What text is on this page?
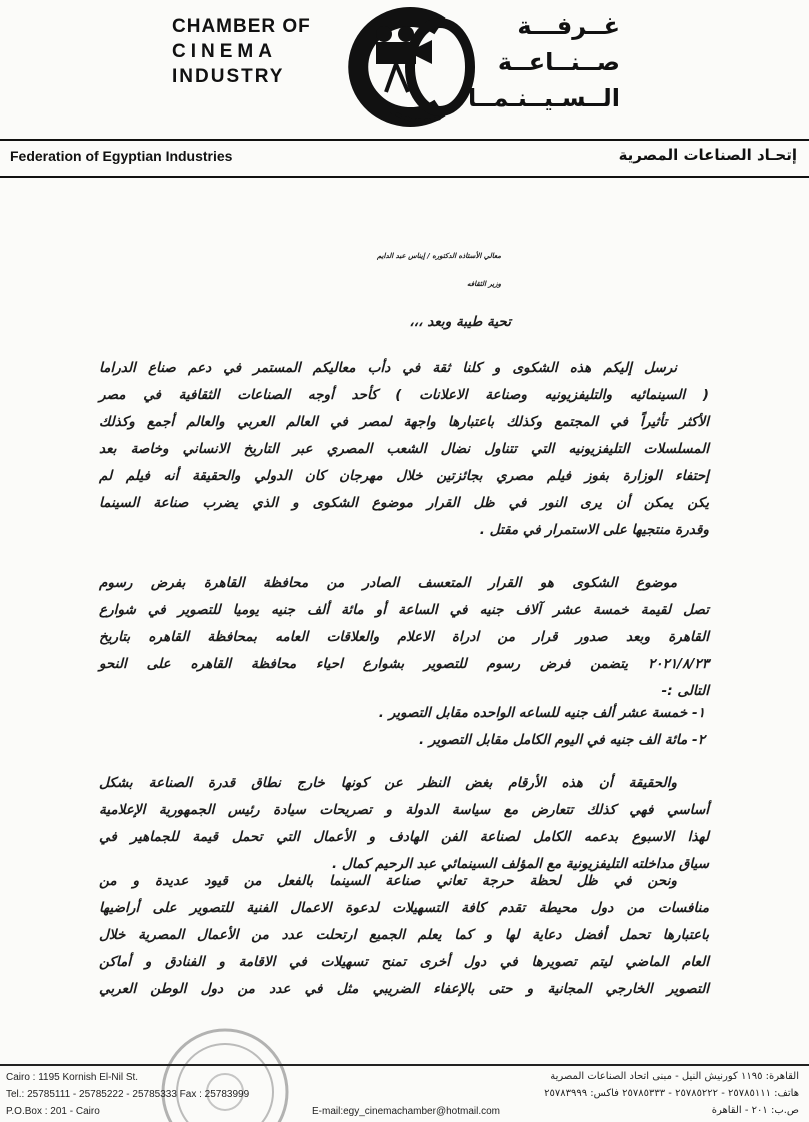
CHAMBER OF
CINEMA
INDUSTRY
غــرفـــة
صــنــاعــة
الــسـيــنـمــا
Federation of Egyptian Industries	إتحـاد الصناعات المصرية
معالي الأستاذه الدكتوره / إيناس عبد الدايم
وزير الثقافه
تحية طيبة وبعد ،،،
نرسل إليكم هذه الشكوى و كلنا ثقة في دأب معاليكم المستمر في دعم صناع الدراما
( السينمائيه والتليفزيونيه وصناعة الاعلانات ) كأحد أوجه الصناعات الثقافية في مصر
الأكثر تأثيراً في المجتمع وكذلك باعتبارها واجهة لمصر في العالم العربي والعالم أجمع وكذلك
المسلسلات التليفزيونيه التي تتناول نضال الشعب المصري عبر التاريخ الانساني وخاصة بعد
إحتفاء الوزارة بفوز فيلم مصري بجائزتين خلال مهرجان كان الدولي والحقيقة أنه فيلم لم
يكن يمكن أن يرى النور في ظل القرار موضوع الشكوى و الذي يضرب صناعة السينما
وقدرة منتجيها على الاستمرار في مقتل .
موضوع الشكوى هو القرار المتعسف الصادر من محافظة القاهرة بفرض رسوم
تصل لقيمة خمسة عشر آلاف جنيه في الساعة أو مائة ألف جنيه يوميا للتصوير في شوارع
القاهرة وبعد صدور قرار من ادراة الاعلام والعلاقات العامه بمحافظة القاهره بتاريخ
٢٠٢١/٨/٢٣ يتضمن فرض رسوم للتصوير بشوارع احياء محافظة القاهره على النحو
التالى :-
١- خمسة عشر ألف جنيه للساعه الواحده مقابل التصوير .
٢- مائة الف جنيه في اليوم الكامل مقابل التصوير .
والحقيقة أن هذه الأرقام بغض النظر عن كونها خارج نطاق قدرة الصناعة بشكل
أساسي فهي كذلك تتعارض مع سياسة الدولة و تصريحات سيادة رئيس الجمهورية الإعلامية
لهذا الاسبوع بدعمه الكامل لصناعة الفن الهادف و الأعمال التي تحمل قيمة للجماهير في
سياق مداخلته التليفزيونية مع المؤلف السينمائي عبد الرحيم كمال .
ونحن في ظل لحظة حرجة تعاني صناعة السينما بالفعل من قيود عديدة و من
منافسات من دول محيطة تقدم كافة التسهيلات لدعوة الاعمال الفنية للتصوير على أراضيها
باعتبارها تحمل أفضل دعاية لها و كما يعلم الجميع ارتحلت عدد من الأعمال المصرية خلال
العام الماضي ليتم تصويرها في دول أخرى تمنح تسهيلات في الاقامة و الفنادق و أماكن
التصوير الخارجي المجانية و حتى بالإعفاء الضريبي مثل في عدد من دول الوطن العربي
Cairo : 1195 Kornish El-Nil St.
Tel.: 25785111 - 25785222 - 25785333 Fax : 25783999
P.O.Box : 201 - Cairo	E-mail:egy_cinemachamber@hotmail.com
القاهرة: ١١٩٥ كورنيش النيل - مبنى اتحاد الصناعات المصرية
هاتف: ٢٥٧٨٥١١١ - ٢٥٧٨٥٢٢٢ - ٢٥٧٨٥٣٣٣ فاكس: ٢٥٧٨٣٩٩٩
ص.ب: ٢٠١ - القاهرة
